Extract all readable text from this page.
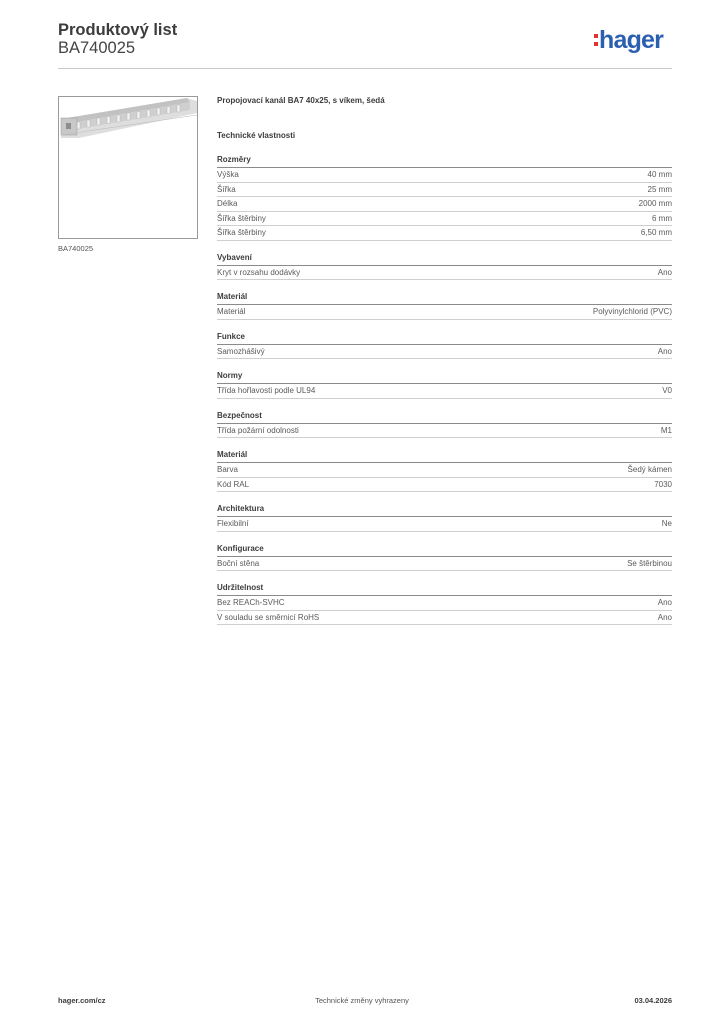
Produktový list
BA740025	hager
BA740025
Propojovací kanál BA7 40x25, s víkem, šedá
Technické vlastnosti
Rozměry
Výška	40 mm
Šířka	25 mm
Délka	2000 mm
Šířka štěrbiny	6 mm
Šířka štěrbiny	6,50 mm
Vybavení
Kryt v rozsahu dodávky	Ano
Materiál
Materiál	Polyvinylchlorid (PVC)
Funkce
Samozhášivý	Ano
Normy
Třída hořlavosti podle UL94	V0
Bezpečnost
Třída požární odolnosti	M1
Materiál
Barva	Šedý kámen
Kód RAL	7030
Architektura
Flexibilní	Ne
Konfigurace
Boční stěna	Se štěrbinou
Udržitelnost
Bez REACh-SVHC	Ano
V souladu se směrnicí RoHS	Ano
hager.com/cz	Technické změny vyhrazeny	03.04.2026
